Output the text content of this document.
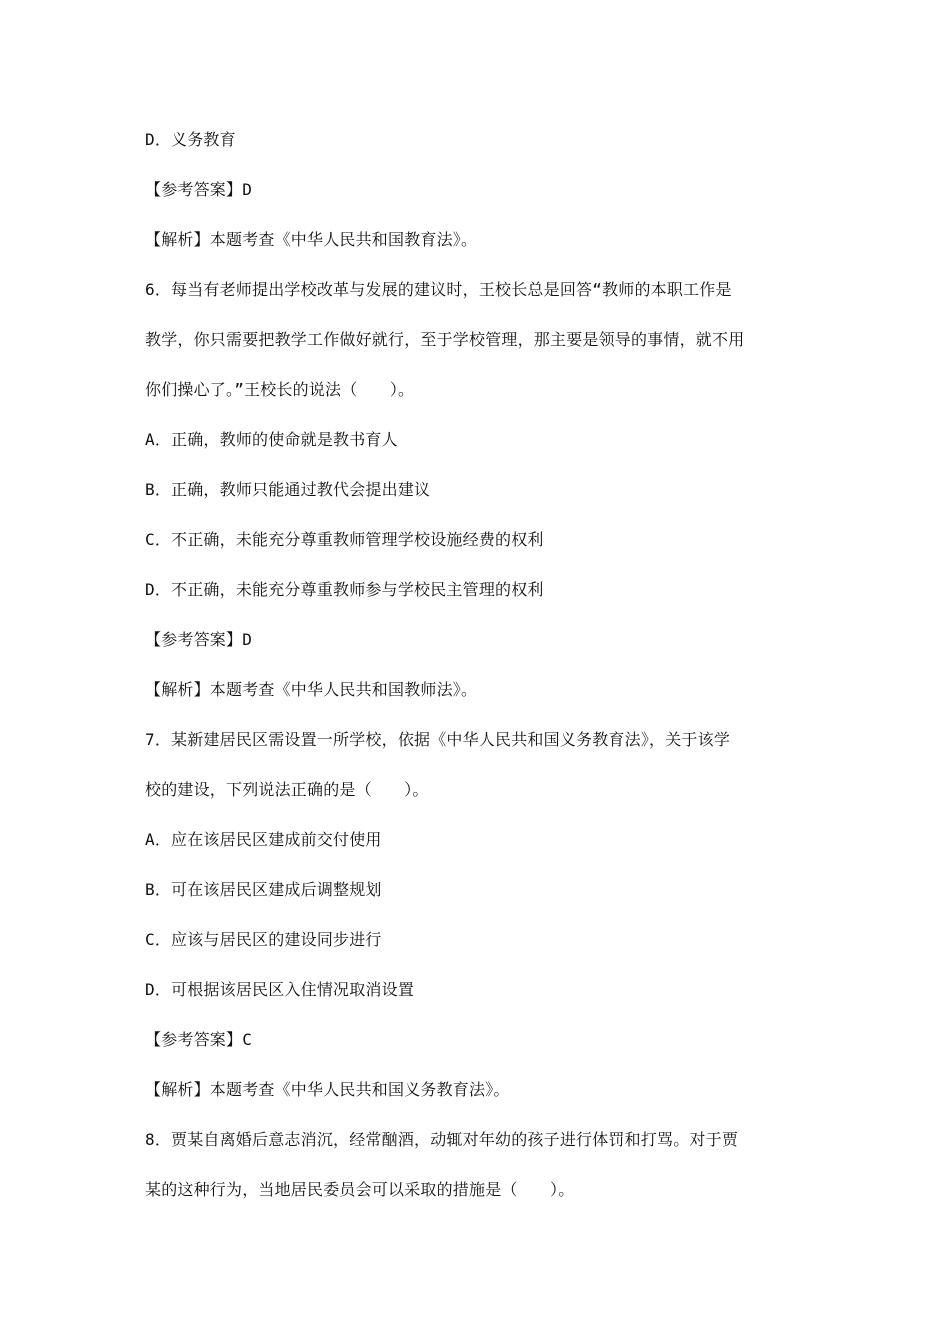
D．义务教育
【参考答案】D
【解析】本题考查《中华人民共和国教育法》。
6．每当有老师提出学校改革与发展的建议时，王校长总是回答“教师的本职工作是
教学，你只需要把教学工作做好就行，至于学校管理，那主要是领导的事情，就不用
你们操心了。”王校长的说法（　　）。
A．正确，教师的使命就是教书育人
B．正确，教师只能通过教代会提出建议
C．不正确，未能充分尊重教师管理学校设施经费的权利
D．不正确，未能充分尊重教师参与学校民主管理的权利
【参考答案】D
【解析】本题考查《中华人民共和国教师法》。
7．某新建居民区需设置一所学校，依据《中华人民共和国义务教育法》，关于该学
校的建设，下列说法正确的是（　　）。
A．应在该居民区建成前交付使用
B．可在该居民区建成后调整规划
C．应该与居民区的建设同步进行
D．可根据该居民区入住情况取消设置
【参考答案】C
【解析】本题考查《中华人民共和国义务教育法》。
8．贾某自离婚后意志消沉，经常酗酒，动辄对年幼的孩子进行体罚和打骂。对于贾
某的这种行为，当地居民委员会可以采取的措施是（　　）。
